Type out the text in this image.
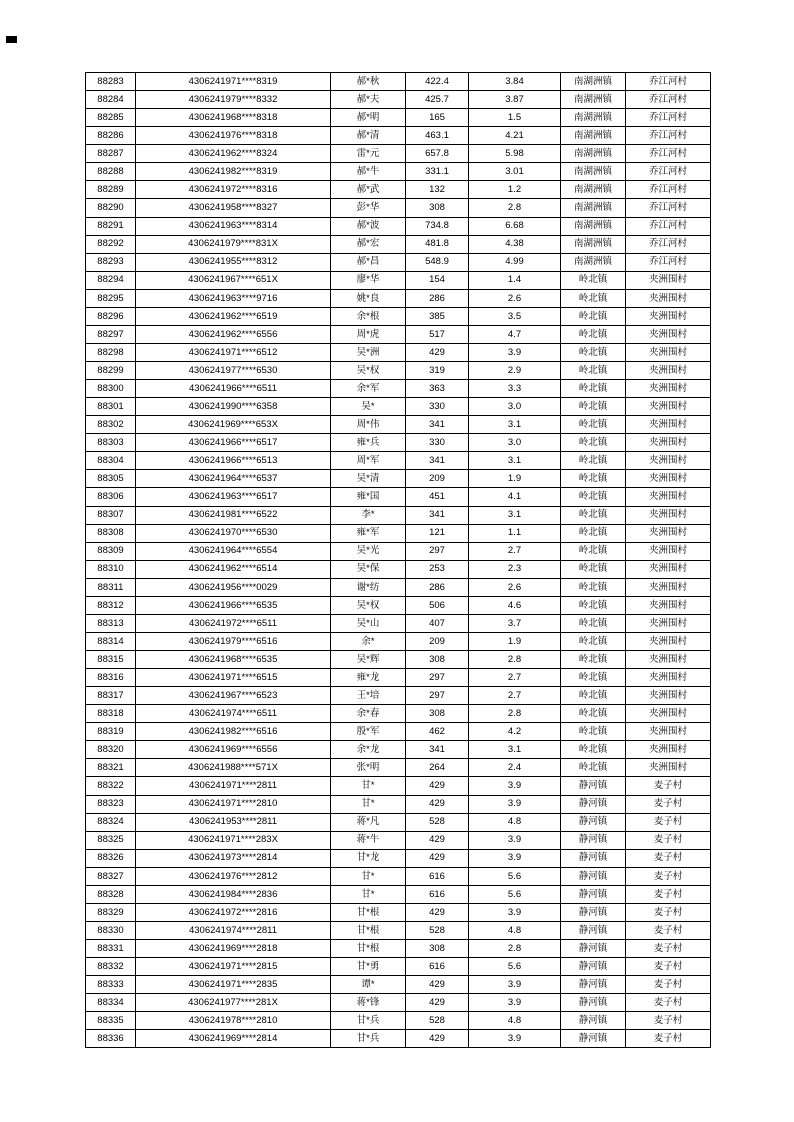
88283	4306241971****8319	郝*秋	422.4	3.84	南湖洲镇	乔江河村
88284	4306241979****8332	郝*夫	425.7	3.87	南湖洲镇	乔江河村
88285	4306241968****8318	郝*明	165	1.5	南湖洲镇	乔江河村
88286	4306241976****8318	郝*清	463.1	4.21	南湖洲镇	乔江河村
88287	4306241962****8324	雷*元	657.8	5.98	南湖洲镇	乔江河村
88288	4306241982****8319	郝*牛	331.1	3.01	南湖洲镇	乔江河村
88289	4306241972****8316	郝*武	132	1.2	南湖洲镇	乔江河村
88290	4306241958****8327	彭*华	308	2.8	南湖洲镇	乔江河村
88291	4306241963****8314	郝*波	734.8	6.68	南湖洲镇	乔江河村
88292	4306241979****831X	郝*宏	481.8	4.38	南湖洲镇	乔江河村
88293	4306241955****8312	郝*昌	548.9	4.99	南湖洲镇	乔江河村
88294	4306241967****651X	廖*华	154	1.4	岭北镇	夹洲围村
88295	4306241963****9716	姚*良	286	2.6	岭北镇	夹洲围村
88296	4306241962****6519	余*根	385	3.5	岭北镇	夹洲围村
88297	4306241962****6556	周*虎	517	4.7	岭北镇	夹洲围村
88298	4306241971****6512	吴*洲	429	3.9	岭北镇	夹洲围村
88299	4306241977****6530	吴*权	319	2.9	岭北镇	夹洲围村
88300	4306241966****6511	余*军	363	3.3	岭北镇	夹洲围村
88301	4306241990****6358	吴*	330	3.0	岭北镇	夹洲围村
88302	4306241969****653X	周*伟	341	3.1	岭北镇	夹洲围村
88303	4306241966****6517	雍*兵	330	3.0	岭北镇	夹洲围村
88304	4306241966****6513	周*军	341	3.1	岭北镇	夹洲围村
88305	4306241964****6537	吴*清	209	1.9	岭北镇	夹洲围村
88306	4306241963****6517	雍*国	451	4.1	岭北镇	夹洲围村
88307	4306241981****6522	李*	341	3.1	岭北镇	夹洲围村
88308	4306241970****6530	雍*军	121	1.1	岭北镇	夹洲围村
88309	4306241964****6554	吴*光	297	2.7	岭北镇	夹洲围村
88310	4306241962****6514	吴*保	253	2.3	岭北镇	夹洲围村
88311	4306241956****0029	谢*纺	286	2.6	岭北镇	夹洲围村
88312	4306241966****6535	吴*权	506	4.6	岭北镇	夹洲围村
88313	4306241972****6511	吴*山	407	3.7	岭北镇	夹洲围村
88314	4306241979****6516	余*	209	1.9	岭北镇	夹洲围村
88315	4306241968****6535	吴*辉	308	2.8	岭北镇	夹洲围村
88316	4306241971****6515	雍*龙	297	2.7	岭北镇	夹洲围村
88317	4306241967****6523	王*培	297	2.7	岭北镇	夹洲围村
88318	4306241974****6511	余*春	308	2.8	岭北镇	夹洲围村
88319	4306241982****6516	殷*军	462	4.2	岭北镇	夹洲围村
88320	4306241969****6556	余*龙	341	3.1	岭北镇	夹洲围村
88321	4306241988****571X	张*明	264	2.4	岭北镇	夹洲围村
88322	4306241971****2811	甘*	429	3.9	静河镇	麦子村
88323	4306241971****2810	甘*	429	3.9	静河镇	麦子村
88324	4306241953****2811	蒋*凡	528	4.8	静河镇	麦子村
88325	4306241971****283X	蒋*牛	429	3.9	静河镇	麦子村
88326	4306241973****2814	甘*龙	429	3.9	静河镇	麦子村
88327	4306241976****2812	甘*	616	5.6	静河镇	麦子村
88328	4306241984****2836	甘*	616	5.6	静河镇	麦子村
88329	4306241972****2816	甘*根	429	3.9	静河镇	麦子村
88330	4306241974****2811	甘*根	528	4.8	静河镇	麦子村
88331	4306241969****2818	甘*根	308	2.8	静河镇	麦子村
88332	4306241971****2815	甘*勇	616	5.6	静河镇	麦子村
88333	4306241971****2835	谭*	429	3.9	静河镇	麦子村
88334	4306241977****281X	蒋*锋	429	3.9	静河镇	麦子村
88335	4306241978****2810	甘*兵	528	4.8	静河镇	麦子村
88336	4306241969****2814	甘*兵	429	3.9	静河镇	麦子村
